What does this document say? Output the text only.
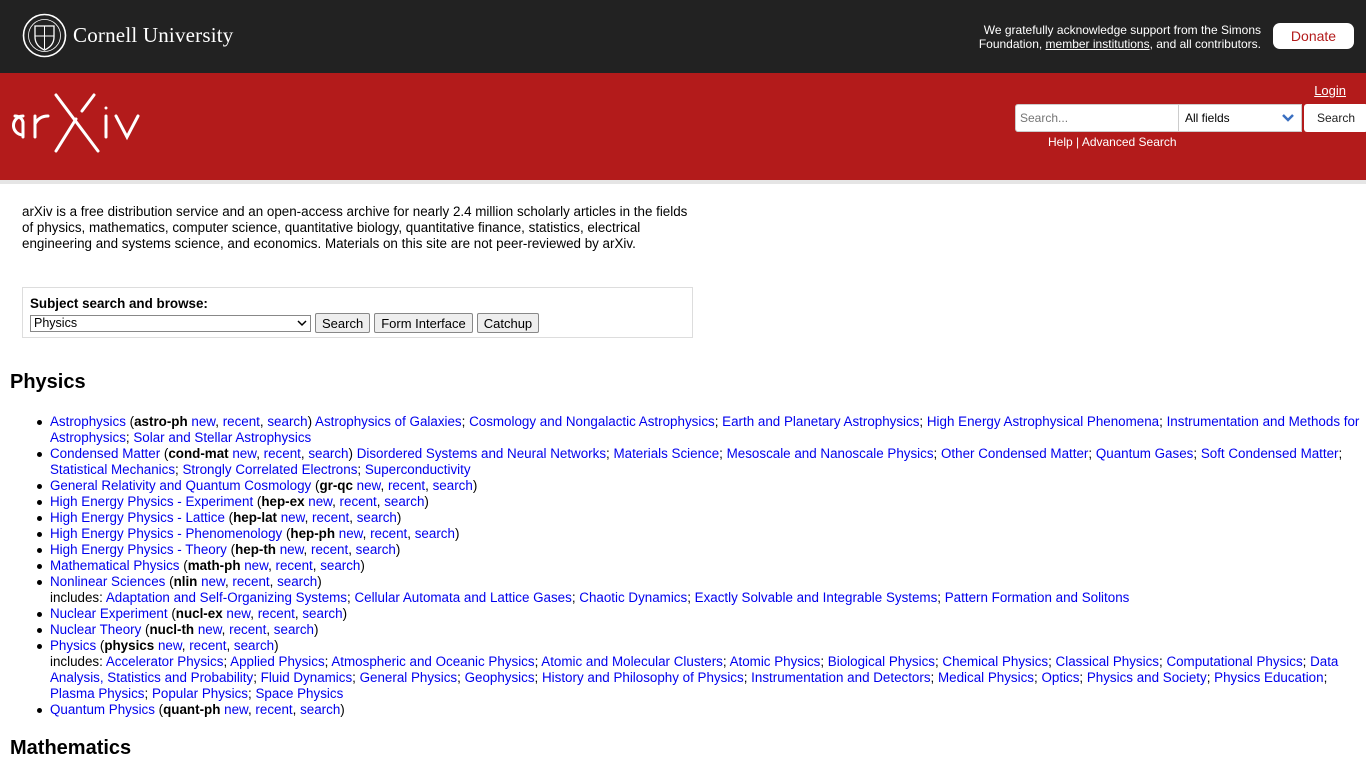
Cornell University	We gratefully acknowledge support from the Simons Foundation, member institutions, and all contributors.	Donate
Login
Search...
All fields	Search
Help | Advanced Search

arXiv is a free distribution service and an open-access archive for nearly 2.4 million scholarly articles in the fields of physics, mathematics, computer science, quantitative biology, quantitative finance, statistics, electrical engineering and systems science, and economics. Materials on this site are not peer-reviewed by arXiv.

Subject search and browse:
Physics	Search	Form Interface	Catchup
Physics
Astrophysics (astro-ph new, recent, search) Astrophysics of Galaxies; Cosmology and Nongalactic Astrophysics; Earth and Planetary Astrophysics; High Energy Astrophysical Phenomena; Instrumentation and Methods for Astrophysics; Solar and Stellar Astrophysics
Condensed Matter (cond-mat new, recent, search) Disordered Systems and Neural Networks; Materials Science; Mesoscale and Nanoscale Physics; Other Condensed Matter; Quantum Gases; Soft Condensed Matter; Statistical Mechanics; Strongly Correlated Electrons; Superconductivity
General Relativity and Quantum Cosmology (gr-qc new, recent, search)
High Energy Physics - Experiment (hep-ex new, recent, search)
High Energy Physics - Lattice (hep-lat new, recent, search)
High Energy Physics - Phenomenology (hep-ph new, recent, search)
High Energy Physics - Theory (hep-th new, recent, search)
Mathematical Physics (math-ph new, recent, search)
Nonlinear Sciences (nlin new, recent, search)
includes: Adaptation and Self-Organizing Systems; Cellular Automata and Lattice Gases; Chaotic Dynamics; Exactly Solvable and Integrable Systems; Pattern Formation and Solitons
Nuclear Experiment (nucl-ex new, recent, search)
Nuclear Theory (nucl-th new, recent, search)
Physics (physics new, recent, search)
includes: Accelerator Physics; Applied Physics; Atmospheric and Oceanic Physics; Atomic and Molecular Clusters; Atomic Physics; Biological Physics; Chemical Physics; Classical Physics; Computational Physics; Data Analysis, Statistics and Probability; Fluid Dynamics; General Physics; Geophysics; History and Philosophy of Physics; Instrumentation and Detectors; Medical Physics; Optics; Physics and Society; Physics Education; Plasma Physics; Popular Physics; Space Physics
Quantum Physics (quant-ph new, recent, search)
Mathematics
